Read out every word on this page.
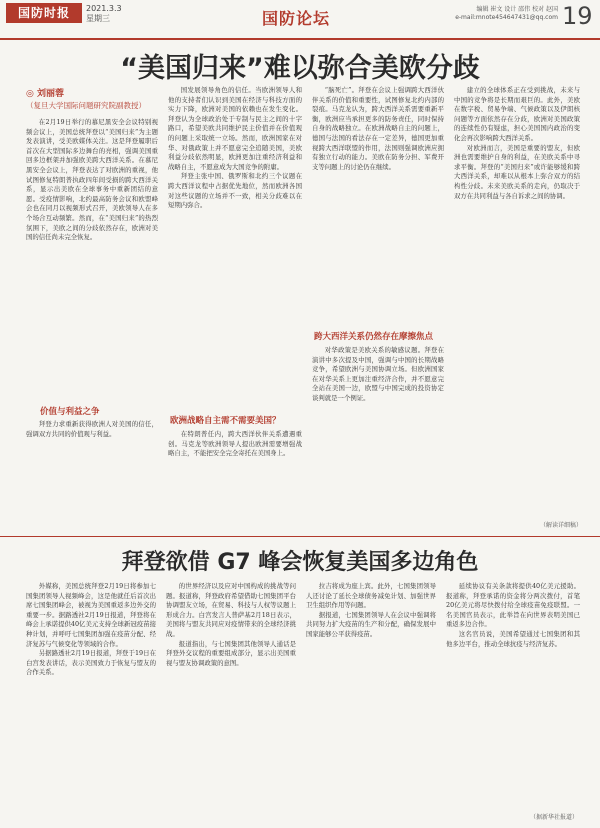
国防时报	2021.3.3
星期三	国防论坛	编辑 崔文 设计 邵伟 校对 赵国
e-mail:mnote454647431@qq.com 19
“美国归来”难以弥合美欧分歧
◎ 刘丽蓉
（复旦大学国际问题研究院副教授）

在2月19日举行的慕尼黑安全会议特别视频会议上，美国总统拜登以“美国归来”为主题发表演讲，受美欧媒体关注。这是拜登履职后首次在大型国际多边舞台的亮相，强调美国重回多边框架并加强欧美跨大西洋关系。在慕尼黑安全会议上，拜登表达了对欧洲的重视，他试图修复特朗普执政四年间受损的跨大西洋关系，显示出美欧在全球事务中重新团结的意愿。受疫情影响，北约最高防务会议和欧盟峰会也在同月以视频形式召开，美欧领导人在多个场合互动频繁。然而，在“美国归来”的热烈氛围下，美欧之间的分歧依然存在，欧洲对美国的信任尚未完全恢复。

价值与利益之争

拜登力求重新获得欧洲人对美国的信任，强调双方共同的价值观与利益。

国发展领导角色的信任。当欧洲领导人和他的支持者们认识到美国在经济与科技方面的实力下降，欧洲对美国的依赖也在发生变化。拜登认为全球政治处于专制与民主之间的十字路口，希望美欧共同维护民主价值并在价值观的问题上采取统一立场。然而，欧洲国家在对华、对俄政策上并不愿意完全追随美国，美欧利益分歧依然明显，欧洲更加注重经济利益和战略自主，不愿意成为大国竞争的附庸。

拜登主张中国、俄罗斯和北约三个议题在跨大西洋议程中占据优先地位，然而欧洲各国对这些议题的立场并不一致，相关分歧难以在短期内弥合。

欧洲战略自主需不需要美国？

在特朗普任内，跨大西洋伙伴关系遭遇重创。马克龙等欧洲领导人提出欧洲需要增强战略自主，不能把安全完全寄托在美国身上。

“脑死亡”。拜登在会议上强调跨大西洋伙伴关系的价值和重要性，试图修复北约内部的裂痕。马克龙认为，跨大西洋关系需要重新平衡，欧洲应当承担更多的防务责任，同时保持自身的战略独立。在欧洲战略自主的问题上，德国与法国的看法存在一定差异，德国更加重视跨大西洋联盟的作用，法国则强调欧洲应拥有独立行动的能力。美欧在防务分担、军费开支等问题上的讨论仍在继续。

跨大西洋关系仍然存在摩擦焦点

对华政策是美欧关系的敏感议题。拜登在演讲中多次提及中国，强调与中国的长期战略竞争，希望欧洲与美国协调立场。但欧洲国家在对华关系上更加注重经济合作，并不愿意完全站在美国一边，欧盟与中国完成的投资协定谈判就是一个例证。

建立的全球体系正在受到挑战，未来与中国的竞争将是长期而艰巨的。此外，美欧在数字税、贸易争端、气候政策以及伊朗核问题等方面依然存在分歧，欧洲对美国政策的连续性仍有疑虑，担心美国国内政治的变化会再次影响跨大西洋关系。

对欧洲而言，美国是重要的盟友，但欧洲也需要维护自身的利益，在美欧关系中寻求平衡。拜登的“美国归来”或许能够缓和跨大西洋关系，却难以从根本上弥合双方的结构性分歧。未来美欧关系的走向，仍取决于双方在共同利益与各自诉求之间的协调。

（解读详细稿）
拜登欲借 G7 峰会恢复美国多边角色

外媒称，美国总统拜登2月19日将参加七国集团领导人视频峰会，这是他就任后首次出席七国集团峰会，被视为美国重返多边外交的重要一步。据路透社2月19日报道，拜登将在峰会上承诺提供40亿美元支持全球新冠疫苗接种计划，并呼吁七国集团加强在疫苗分配、经济复苏与气候变化等领域的合作。

另据路透社2月19日报道，拜登于19日在白宫发表讲话，表示美国致力于恢复与盟友的合作关系。

的世界经济以及应对中国构成的挑战等问题。报道称，拜登政府希望借助七国集团平台协调盟友立场，在贸易、科技与人权等议题上形成合力。白宫发言人普萨基2月18日表示，美国将与盟友共同应对疫情带来的全球经济挑战。

报道指出，与七国集团其他领导人通话是拜登外交议程的重要组成部分，显示出美国重视与盟友协调政策的意图。

拉吉将成为座上宾。此外，七国集团领导人还讨论了延长全球债务减免计划、加强世界卫生组织作用等问题。

据报道，七国集团领导人在会议中强调将共同努力扩大疫苗的生产和分配，确保发展中国家能够公平获得疫苗。

延续协议有关条款将提供40亿美元援助。报道称，拜登承诺的资金将分两次拨付，首笔20亿美元将尽快拨付给全球疫苗免疫联盟。一名美国官员表示，此举旨在向世界表明美国已重返多边合作。

这名官员说，美国希望通过七国集团和其他多边平台，推动全球抗疫与经济复苏。

（据新华社报道）
